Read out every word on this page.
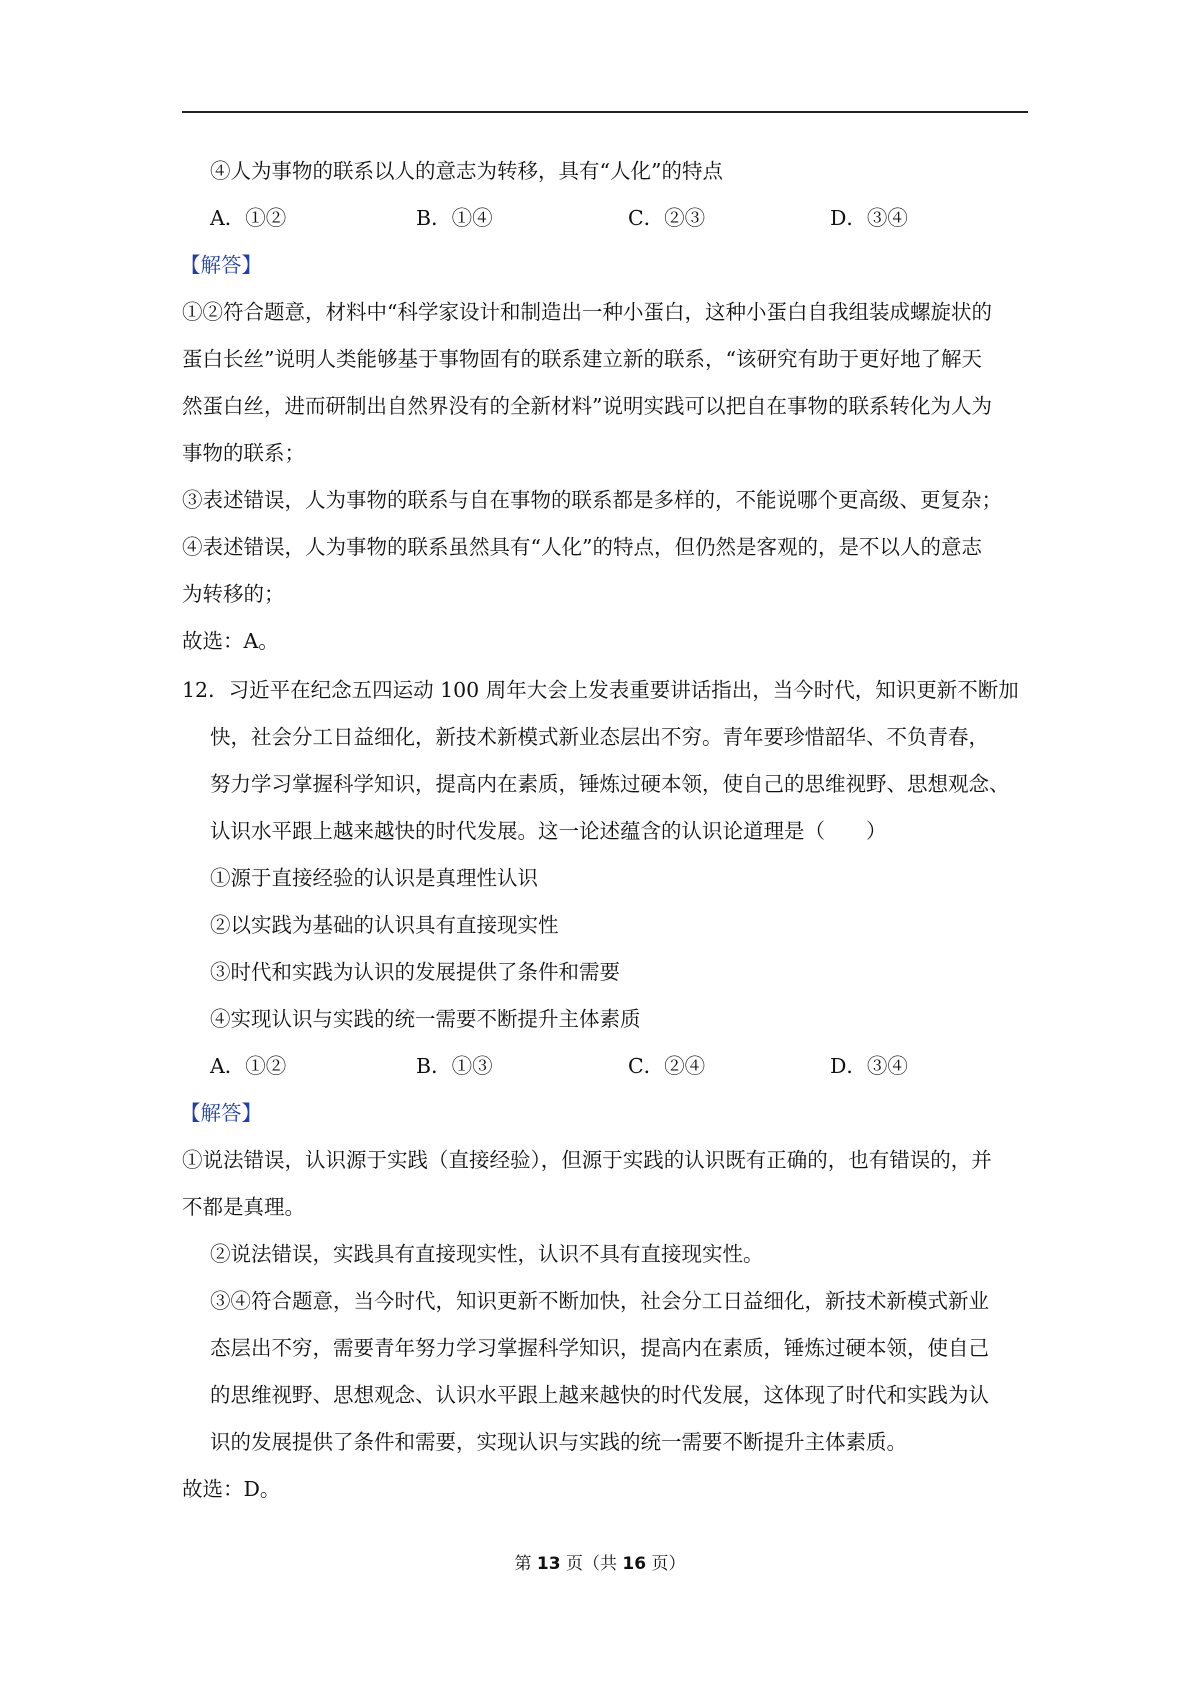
④人为事物的联系以人的意志为转移，具有“人化”的特点
A．①②	B．①④	C．②③	D．③④
【解答】
①②符合题意，材料中“科学家设计和制造出一种小蛋白，这种小蛋白自我组装成螺旋状的
蛋白长丝”说明人类能够基于事物固有的联系建立新的联系，“该研究有助于更好地了解天
然蛋白丝，进而研制出自然界没有的全新材料”说明实践可以把自在事物的联系转化为人为
事物的联系；
③表述错误，人为事物的联系与自在事物的联系都是多样的，不能说哪个更高级、更复杂；
④表述错误，人为事物的联系虽然具有“人化”的特点，但仍然是客观的，是不以人的意志
为转移的；
故选：A。
12．习近平在纪念五四运动 100 周年大会上发表重要讲话指出，当今时代，知识更新不断加
快，社会分工日益细化，新技术新模式新业态层出不穷。青年要珍惜韶华、不负青春，
努力学习掌握科学知识，提高内在素质，锤炼过硬本领，使自己的思维视野、思想观念、
认识水平跟上越来越快的时代发展。这一论述蕴含的认识论道理是（　　）
①源于直接经验的认识是真理性认识
②以实践为基础的认识具有直接现实性
③时代和实践为认识的发展提供了条件和需要
④实现认识与实践的统一需要不断提升主体素质
A．①②	B．①③	C．②④	D．③④
【解答】
①说法错误，认识源于实践（直接经验），但源于实践的认识既有正确的，也有错误的，并
不都是真理。
②说法错误，实践具有直接现实性，认识不具有直接现实性。
③④符合题意，当今时代，知识更新不断加快，社会分工日益细化，新技术新模式新业
态层出不穷，需要青年努力学习掌握科学知识，提高内在素质，锤炼过硬本领，使自己
的思维视野、思想观念、认识水平跟上越来越快的时代发展，这体现了时代和实践为认
识的发展提供了条件和需要，实现认识与实践的统一需要不断提升主体素质。
故选：D。
第 13 页（共 16 页）
